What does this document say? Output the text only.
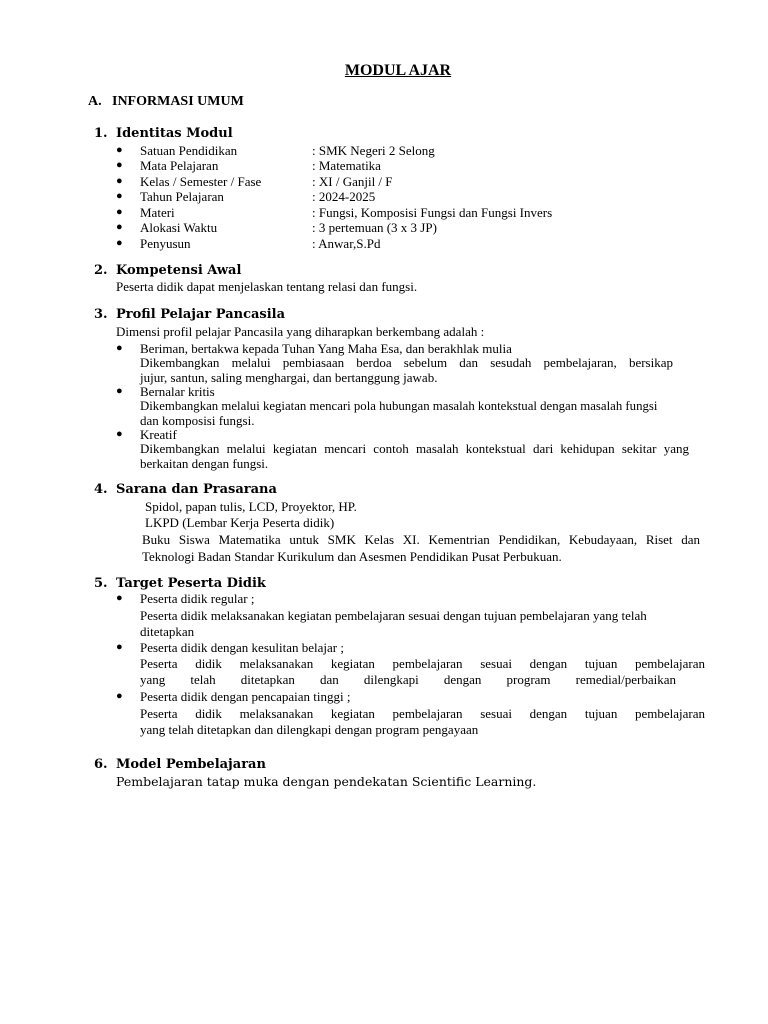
MODUL AJAR
A. INFORMASI UMUM
1. Identitas Modul
● Satuan Pendidikan	: SMK Negeri 2 Selong
● Mata Pelajaran	: Matematika
● Kelas / Semester / Fase	: XI / Ganjil / F
● Tahun Pelajaran	: 2024-2025
● Materi	: Fungsi, Komposisi Fungsi dan Fungsi Invers
● Alokasi Waktu	: 3 pertemuan (3 x 3 JP)
● Penyusun	: Anwar,S.Pd
2. Kompetensi Awal
Peserta didik dapat menjelaskan tentang relasi dan fungsi.
3. Profil Pelajar Pancasila
Dimensi profil pelajar Pancasila yang diharapkan berkembang adalah :
● Beriman, bertakwa kepada Tuhan Yang Maha Esa, dan berakhlak mulia
Dikembangkan melalui pembiasaan berdoa sebelum dan sesudah pembelajaran, bersikap
jujur, santun, saling menghargai, dan bertanggung jawab.
● Bernalar kritis
Dikembangkan melalui kegiatan mencari pola hubungan masalah kontekstual dengan masalah fungsi
dan komposisi fungsi.
● Kreatif
Dikembangkan melalui kegiatan mencari contoh masalah kontekstual dari kehidupan sekitar yang
berkaitan dengan fungsi.
4. Sarana dan Prasarana
Spidol, papan tulis, LCD, Proyektor, HP.
LKPD (Lembar Kerja Peserta didik)
Buku Siswa Matematika untuk SMK Kelas XI. Kementrian Pendidikan, Kebudayaan, Riset dan
Teknologi Badan Standar Kurikulum dan Asesmen Pendidikan Pusat Perbukuan.
5. Target Peserta Didik
● Peserta didik regular ;
Peserta didik melaksanakan kegiatan pembelajaran sesuai dengan tujuan pembelajaran yang telah
ditetapkan
● Peserta didik dengan kesulitan belajar ;
Peserta didik melaksanakan kegiatan pembelajaran sesuai dengan tujuan pembelajaran
yang telah ditetapkan dan dilengkapi dengan program remedial/perbaikan
● Peserta didik dengan pencapaian tinggi ;
Peserta didik melaksanakan kegiatan pembelajaran sesuai dengan tujuan pembelajaran
yang telah ditetapkan dan dilengkapi dengan program pengayaan
6. Model Pembelajaran
Pembelajaran tatap muka dengan pendekatan Scientific Learning.
